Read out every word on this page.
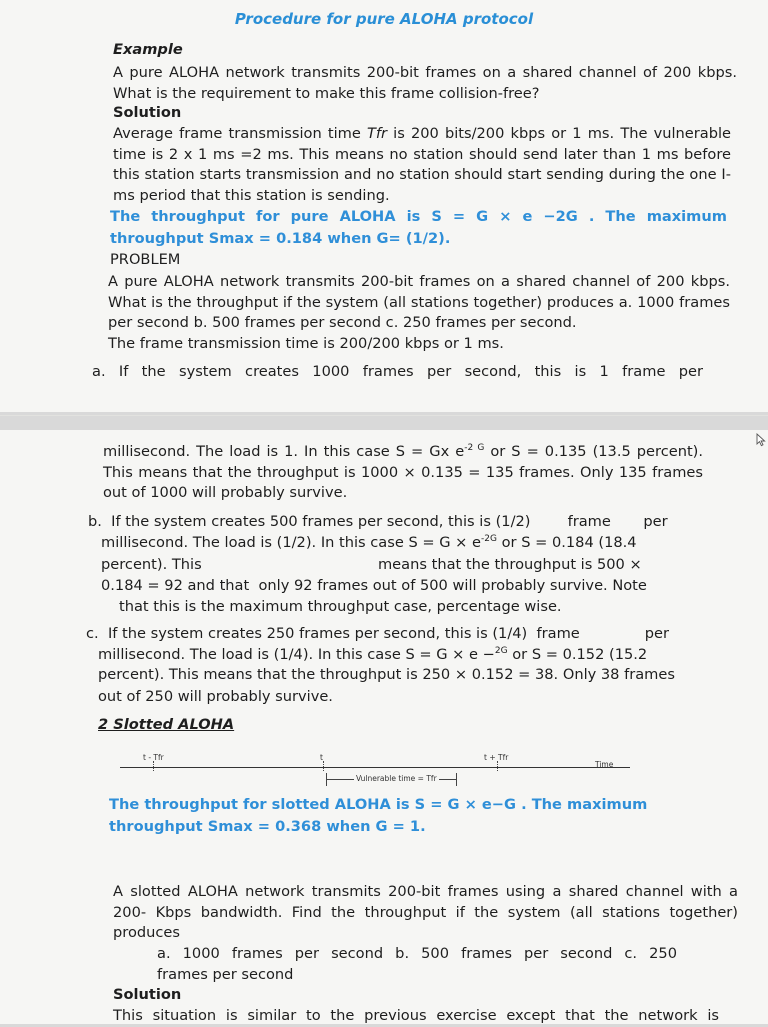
Procedure for pure ALOHA protocol
Example
A pure ALOHA network transmits 200-bit frames on a shared channel of 200 kbps. What is the requirement to make this frame collision-free?
Solution
Average frame transmission time Tfr is 200 bits/200 kbps or 1 ms. The vulnerable time is 2 x 1 ms =2 ms. This means no station should send later than 1 ms before this station starts transmission and no station should start sending during the one I-ms period that this station is sending.
The throughput for pure ALOHA is S = G × e −2G . The maximum
throughput Smax = 0.184 when G= (1/2).
PROBLEM
A pure ALOHA network transmits 200-bit frames on a shared channel of 200 kbps. What is the throughput if the system (all stations together) produces a. 1000 frames per second b. 500 frames per second c. 250 frames per second.
The frame transmission time is 200/200 kbps or 1 ms.
a. If the system creates 1000 frames per second, this is 1 frame per
millisecond. The load is 1. In this case S = Gx $e^{-2 G}$ or S = 0.135 (13.5 percent). This means that the throughput is 1000 × 0.135 = 135 frames. Only 135 frames out of 1000 will probably survive.
b.  If the system creates 500 frames per second, this is (1/2)        frame       per
millisecond. The load is (1/2). In this case $S = G \times e^{-2G}$ or S = 0.184 (18.4
percent). This                                      means that the throughput is 500 ×
0.184 = 92 and that  only 92 frames out of 500 will probably survive. Note
that this is the maximum throughput case, percentage wise.
c.  If the system creates 250 frames per second, this is (1/4)  frame              per
millisecond. The load is (1/4). In this case S = G × e −$^{2G}$ or S = 0.152 (15.2
percent). This means that the throughput is 250 × 0.152 = 38. Only 38 frames
out of 250 will probably survive.
2 Slotted ALOHA
t - Tfr	t	t + Tfr
Time
Vulnerable time = Tfr
The throughput for slotted ALOHA is S = G × e−G . The maximum
throughput Smax = 0.368 when G = 1.
A slotted ALOHA network transmits 200-bit frames using a shared channel with a 200- Kbps bandwidth. Find the throughput if the system (all stations together) produces
a. 1000 frames per second b. 500 frames per second c. 250
frames per second
Solution
This situation is similar to the previous exercise except that the network is
